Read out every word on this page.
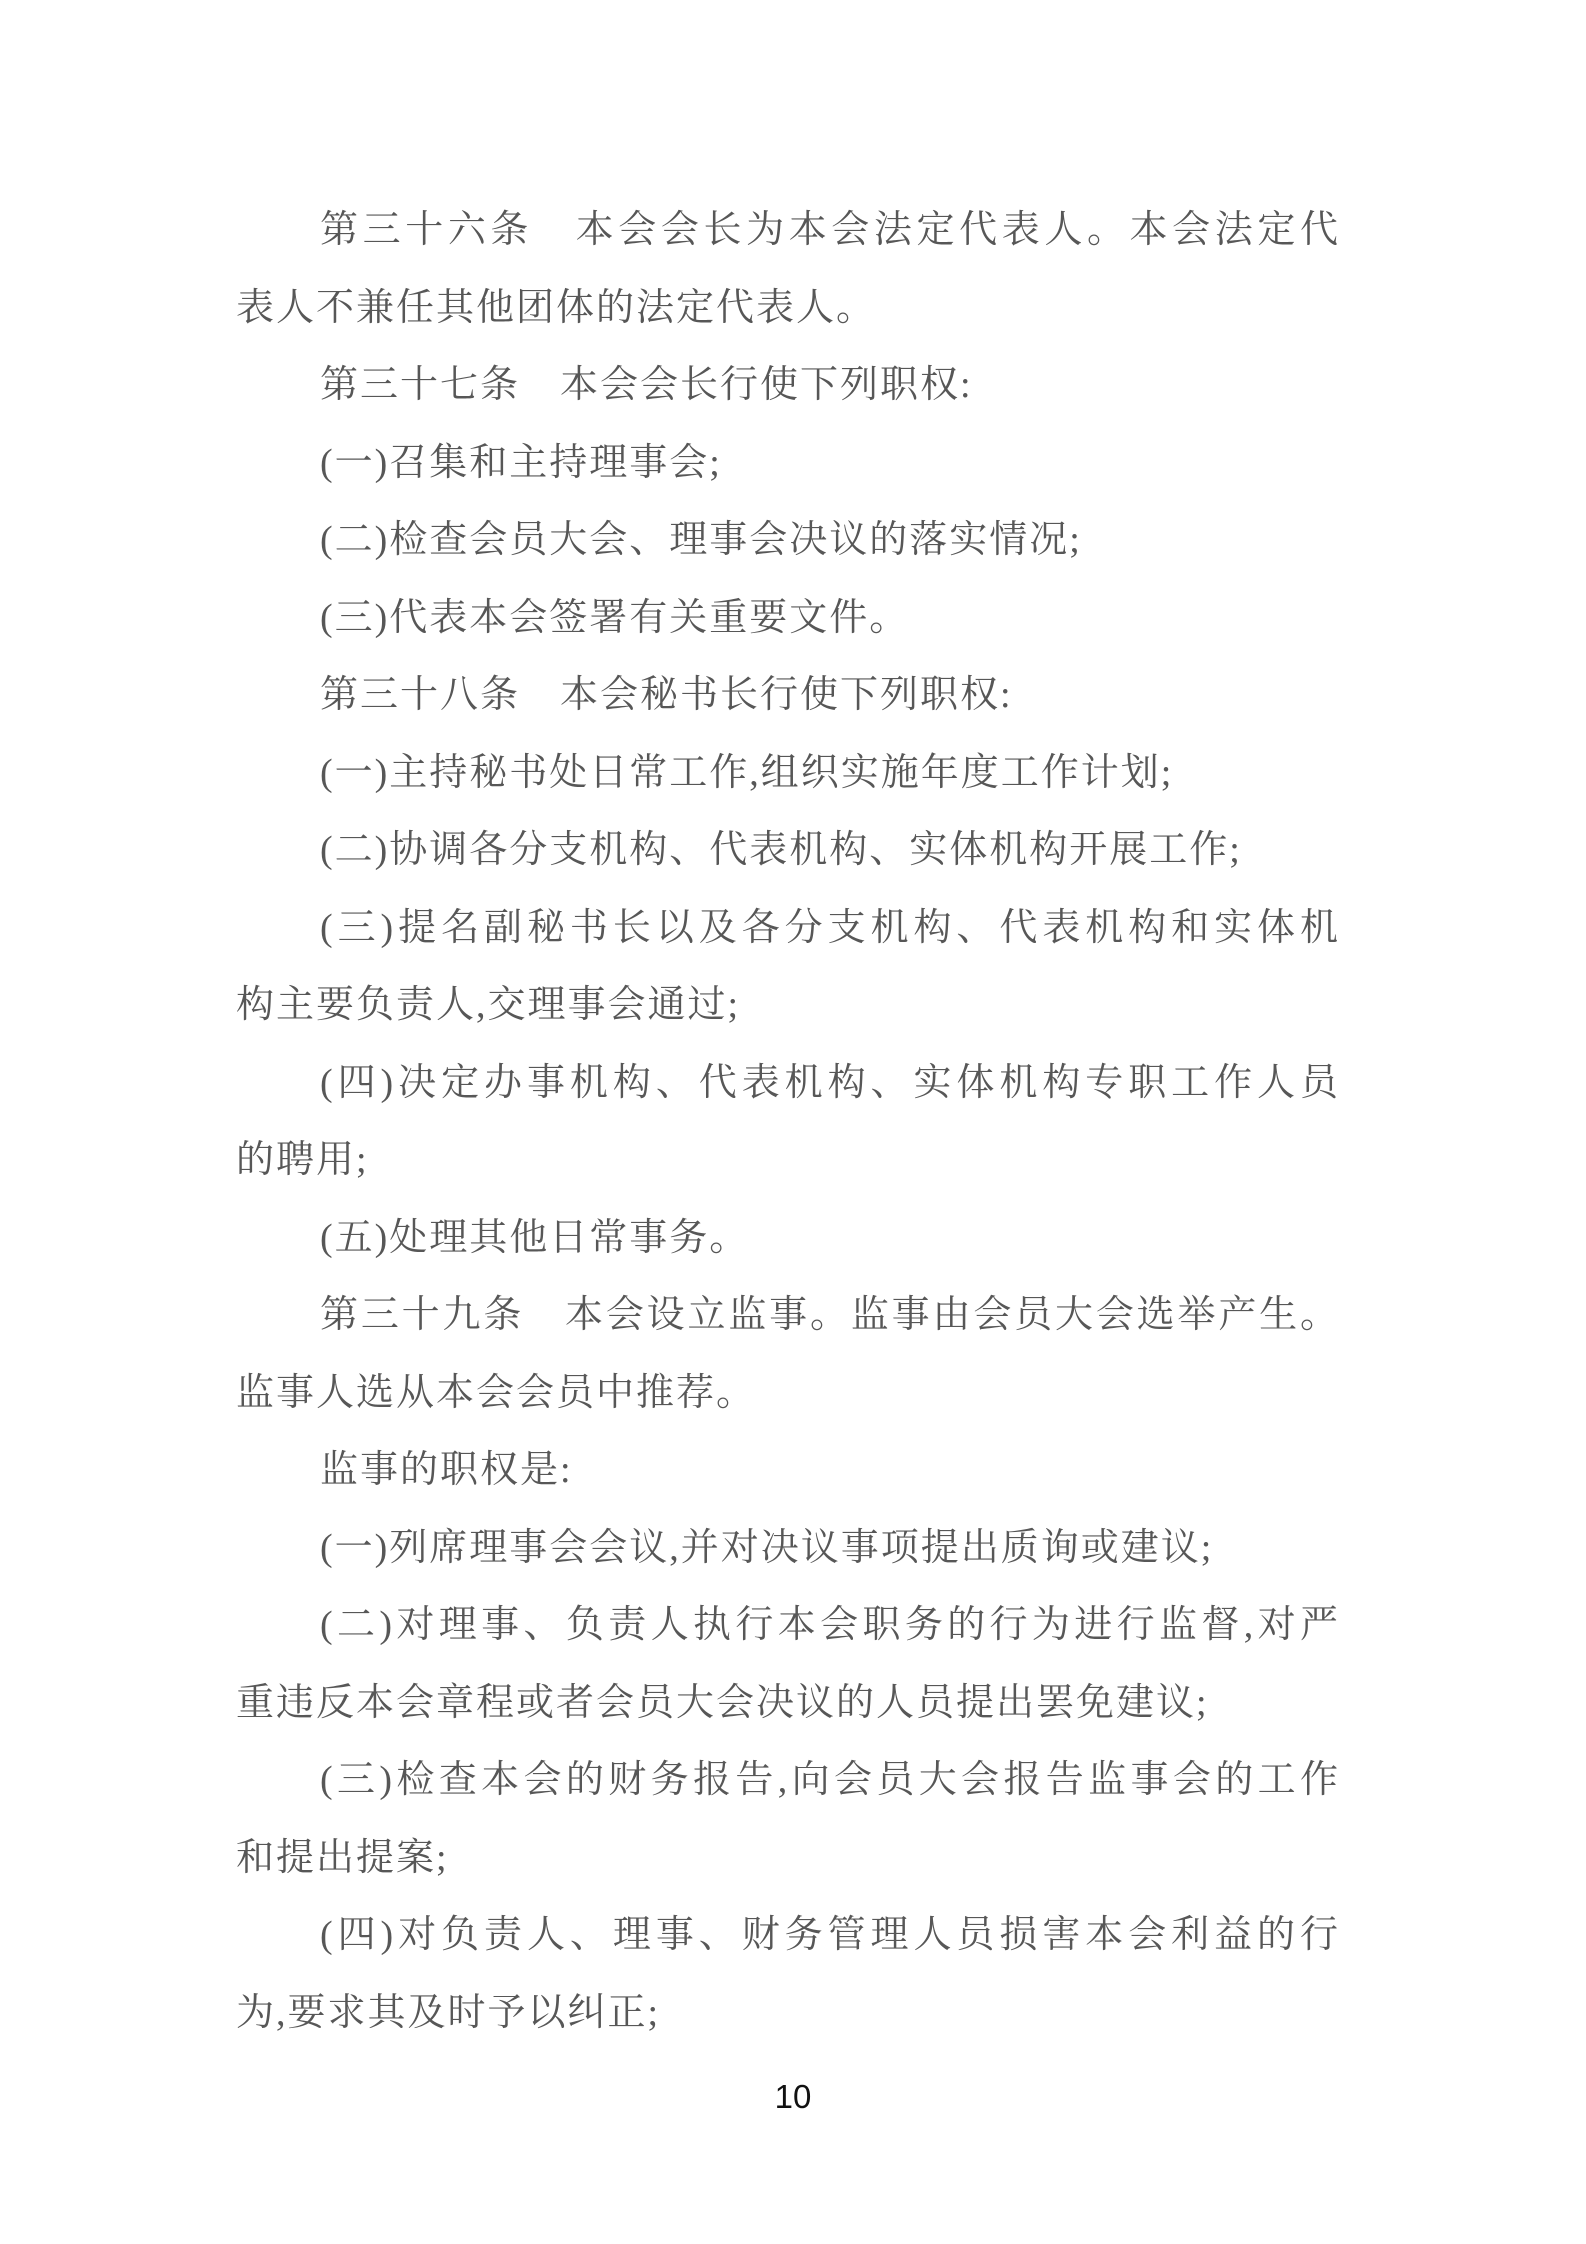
第三十六条　本会会长为本会法定代表人。本会法定代
表人不兼任其他团体的法定代表人。
第三十七条　本会会长行使下列职权:
(一)召集和主持理事会;
(二)检查会员大会、理事会决议的落实情况;
(三)代表本会签署有关重要文件。
第三十八条　本会秘书长行使下列职权:
(一)主持秘书处日常工作,组织实施年度工作计划;
(二)协调各分支机构、代表机构、实体机构开展工作;
(三)提名副秘书长以及各分支机构、代表机构和实体机
构主要负责人,交理事会通过;
(四)决定办事机构、代表机构、实体机构专职工作人员
的聘用;
(五)处理其他日常事务。
第三十九条　本会设立监事。监事由会员大会选举产生。
监事人选从本会会员中推荐。
监事的职权是:
(一)列席理事会会议,并对决议事项提出质询或建议;
(二)对理事、负责人执行本会职务的行为进行监督,对严
重违反本会章程或者会员大会决议的人员提出罢免建议;
(三)检查本会的财务报告,向会员大会报告监事会的工作
和提出提案;
(四)对负责人、理事、财务管理人员损害本会利益的行
为,要求其及时予以纠正;
10
